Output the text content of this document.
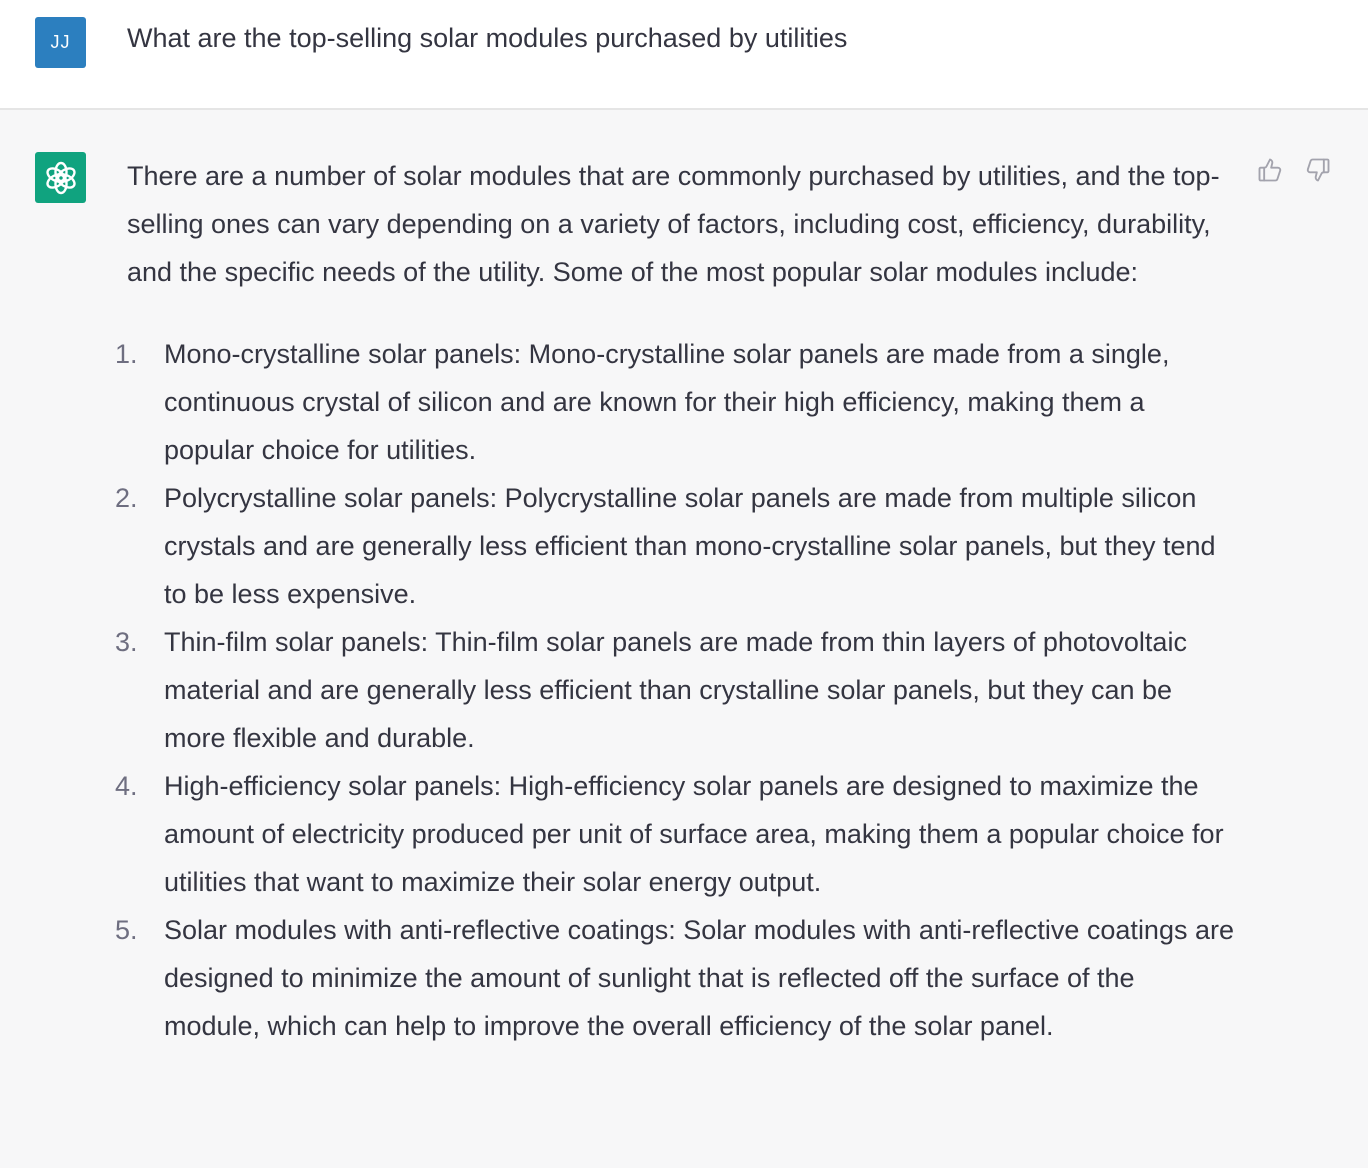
JJ What are the top-selling solar modules purchased by utilities

There are a number of solar modules that are commonly purchased by utilities, and the top-selling ones can vary depending on a variety of factors, including cost, efficiency, durability, and the specific needs of the utility. Some of the most popular solar modules include:

1. Mono-crystalline solar panels: Mono-crystalline solar panels are made from a single, continuous crystal of silicon and are known for their high efficiency, making them a popular choice for utilities.
2. Polycrystalline solar panels: Polycrystalline solar panels are made from multiple silicon crystals and are generally less efficient than mono-crystalline solar panels, but they tend to be less expensive.
3. Thin-film solar panels: Thin-film solar panels are made from thin layers of photovoltaic material and are generally less efficient than crystalline solar panels, but they can be more flexible and durable.
4. High-efficiency solar panels: High-efficiency solar panels are designed to maximize the amount of electricity produced per unit of surface area, making them a popular choice for utilities that want to maximize their solar energy output.
5. Solar modules with anti-reflective coatings: Solar modules with anti-reflective coatings are designed to minimize the amount of sunlight that is reflected off the surface of the module, which can help to improve the overall efficiency of the solar panel.
